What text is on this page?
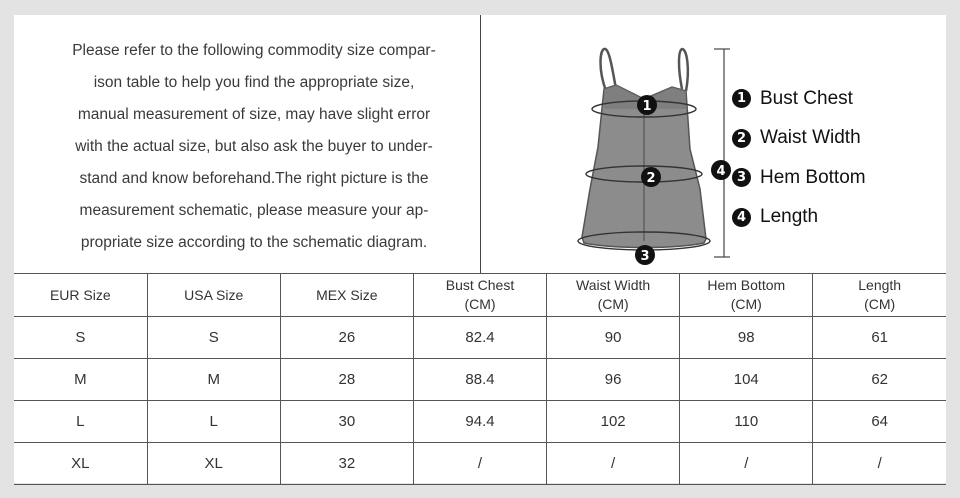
Please refer to the following commodity size compar-

ison table to help you find the appropriate size,

manual measurement of size, may have slight error

with the actual size, but also ask the buyer to under-

stand and know beforehand.The right picture is the

measurement schematic, please measure your ap-

propriate size according to the schematic diagram.

1
2
3
4
1 Bust Chest
2 Waist Width
3 Hem Bottom
4 Length
EUR Size	USA Size	MEX Size	Bust Chest
(CM)	Waist Width
(CM)	Hem Bottom
(CM)	Length
(CM)

S	S	26	82.4	90	98	61
M	M	28	88.4	96	104	62
L	L	30	94.4	102	110	64
XL	XL	32	/	/	/	/
